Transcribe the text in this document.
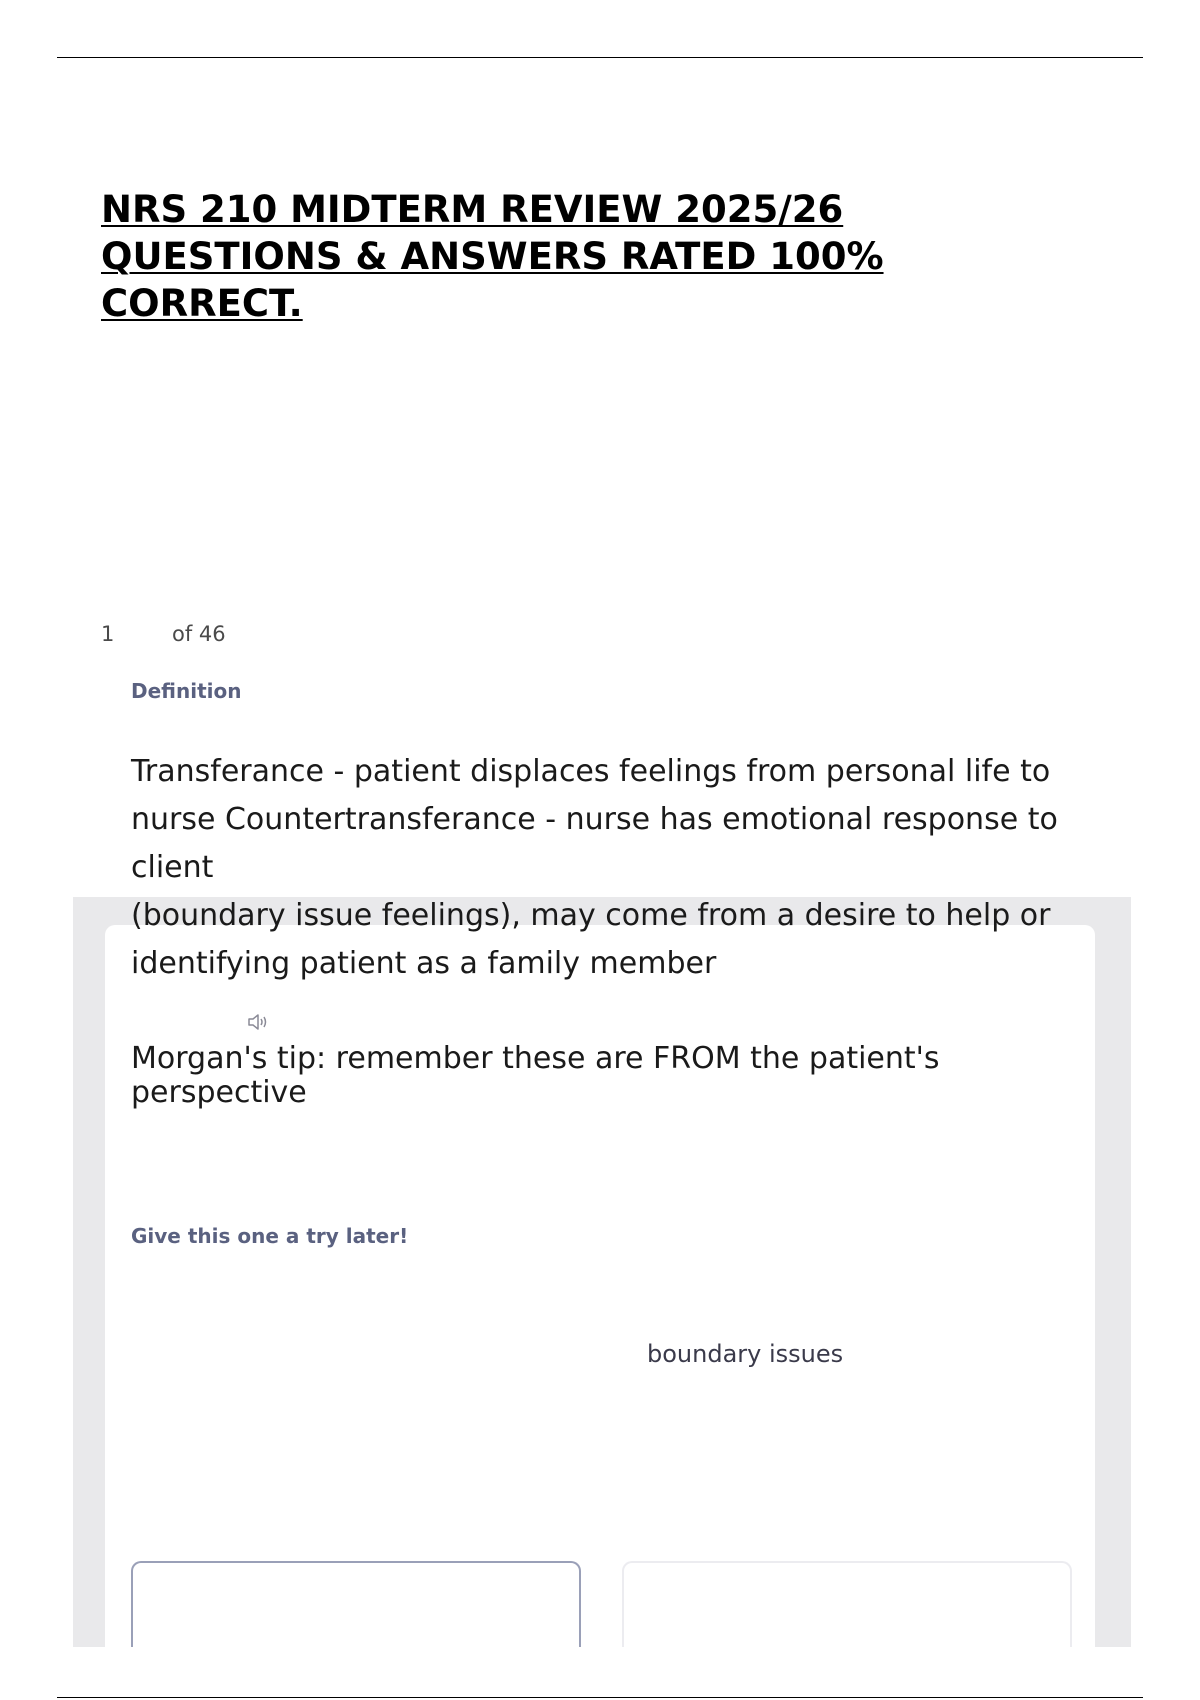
NRS 210 MIDTERM REVIEW 2025/26
QUESTIONS & ANSWERS RATED 100%
CORRECT.
1	of 46
Definition

Transferance - patient displaces feelings from personal life to nurse Countertransferance - nurse has emotional response to client

(boundary issue feelings), may come from a desire to help or identifying patient as a family member

Morgan's tip: remember these are FROM the patient's perspective

Give this one a try later!
boundary issues
